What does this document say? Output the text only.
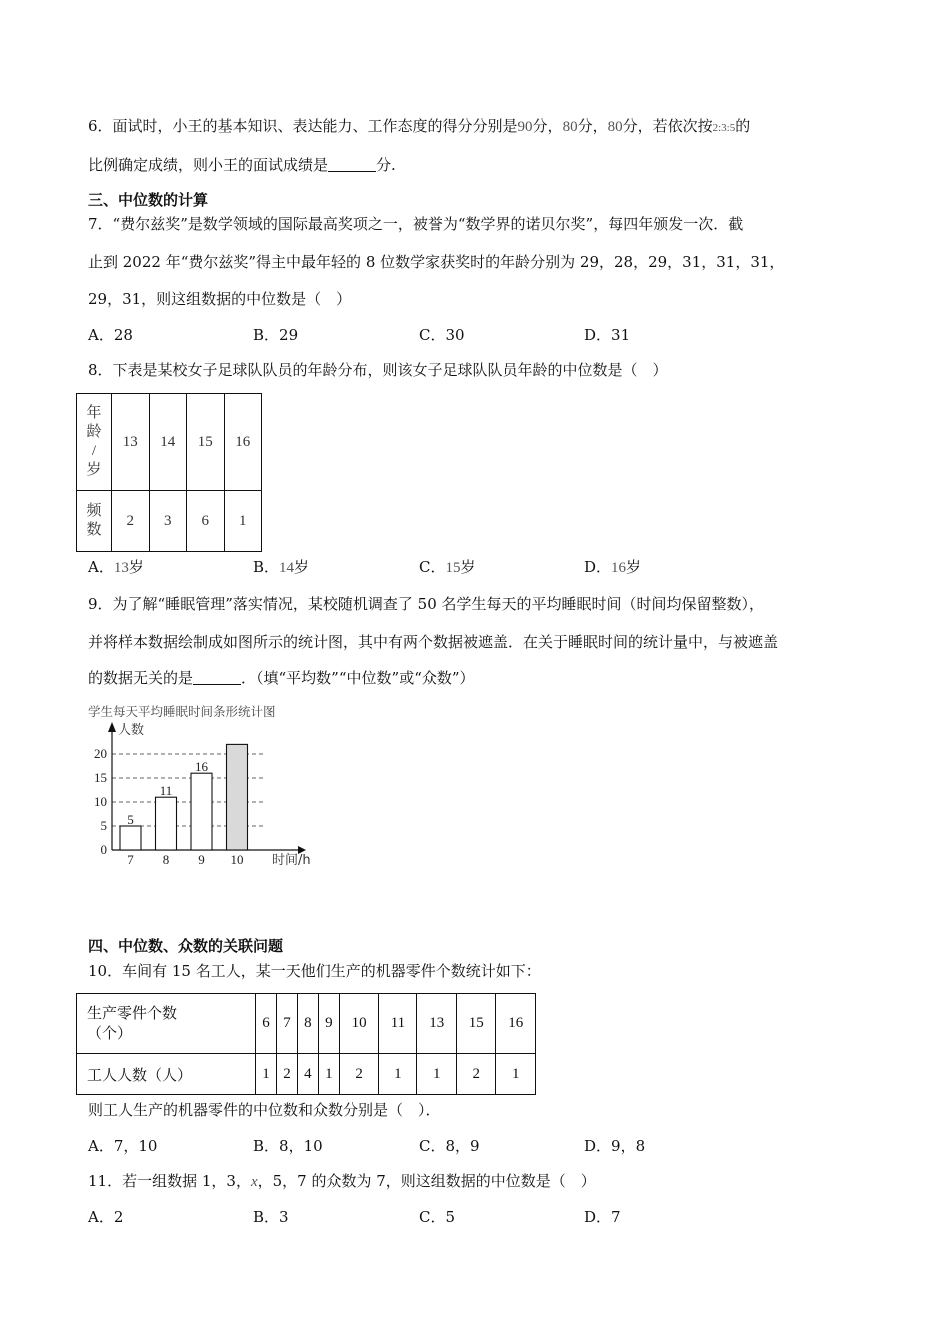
6．面试时，小王的基本知识、表达能力、工作态度的得分分别是90分，80分，80分，若依次按2:3:5的
比例确定成绩，则小王的面试成绩是	分.
三、中位数的计算
7．“费尔兹奖”是数学领域的国际最高奖项之一，被誉为“数学界的诺贝尔奖”，每四年颁发一次．截
止到 2022 年“费尔兹奖”得主中最年轻的 8 位数学家获奖时的年龄分别为 29，28，29，31，31，31，
29，31，则这组数据的中位数是（　）
A．28	B．29	C．30	D．31
8．下表是某校女子足球队队员的年龄分布，则该女子足球队队员年龄的中位数是（　）
年
龄
/
岁	13	14	15	16
频
数	2	3	6	1
A．13岁	B．14岁	C．15岁	D．16岁
9．为了解“睡眠管理”落实情况，某校随机调查了 50 名学生每天的平均睡眠时间（时间均保留整数），
并将样本数据绘制成如图所示的统计图，其中有两个数据被遮盖．在关于睡眠时间的统计量中，与被遮盖
的数据无关的是	．（填“平均数”“中位数”或“众数”）
学生每天平均睡眠时间条形统计图
人数
时间/h
0
5
10
15
20
7
5
8
11
9
16
10
四、中位数、众数的关联问题
10．车间有 15 名工人，某一天他们生产的机器零件个数统计如下：
生产零件个数
（个）	6	7	8	9	10	11	13	15	16
工人人数（人）	1	2	4	1	2	1	1	2	1
则工人生产的机器零件的中位数和众数分别是（　）．
A．7，10	B．8，10	C．8，9	D．9，8
11．若一组数据 1，3，x，5，7 的众数为 7，则这组数据的中位数是（　）
A．2	B．3	C．5	D．7
